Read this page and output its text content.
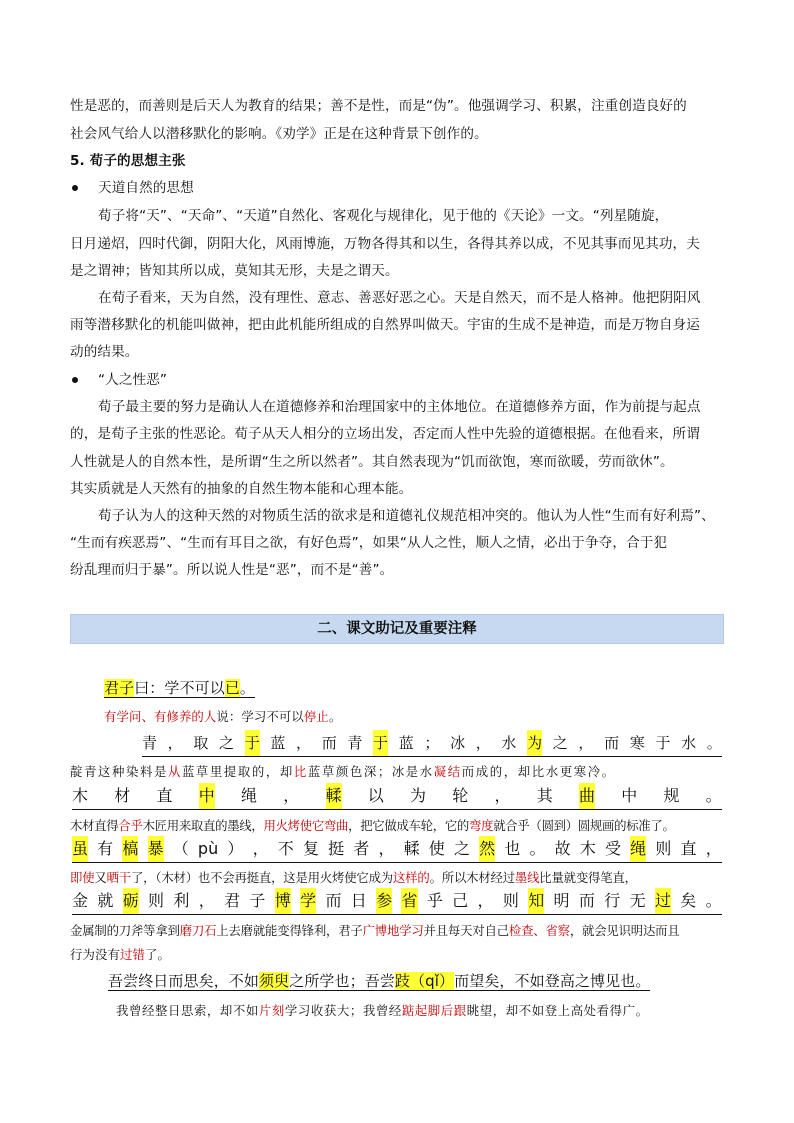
性是恶的，而善则是后天人为教育的结果；善不是性，而是“伪”。他强调学习、积累，注重创造良好的
社会风气给人以潜移默化的影响。《劝学》正是在这种背景下创作的。
5. 荀子的思想主张
天道自然的思想
荀子将“天”、“天命”、“天道”自然化、客观化与规律化，见于他的《天论》一文。“列星随旋，
日月递炤，四时代御，阴阳大化，风雨博施，万物各得其和以生，各得其养以成，不见其事而见其功，夫
是之谓神；皆知其所以成，莫知其无形，夫是之谓天。
在荀子看来，天为自然，没有理性、意志、善恶好恶之心。天是自然天，而不是人格神。他把阴阳风
雨等潜移默化的机能叫做神，把由此机能所组成的自然界叫做天。宇宙的生成不是神造，而是万物自身运
动的结果。
“人之性恶”
荀子最主要的努力是确认人在道德修养和治理国家中的主体地位。在道德修养方面，作为前提与起点
的，是荀子主张的性恶论。荀子从天人相分的立场出发，否定而人性中先验的道德根据。在他看来，所谓
人性就是人的自然本性，是所谓“生之所以然者”。其自然表现为“饥而欲饱，寒而欲暖，劳而欲休”。
其实质就是人天然有的抽象的自然生物本能和心理本能。
荀子认为人的这种天然的对物质生活的欲求是和道德礼仪规范相冲突的。他认为人性“生而有好利焉”、
“生而有疾恶焉”、“生而有耳目之欲，有好色焉”，如果“从人之性，顺人之情，必出于争夺，合于犯
纷乱理而归于暴”。所以说人性是“恶”，而不是“善”。
二、课文助记及重要注释
君子曰：学不可以已。
有学问、有修养的人说：学习不可以停止。
青 ， 取 之 于 蓝 ， 而 青 于 蓝 ； 冰 ， 水 为 之 ， 而 寒 于 水 。
靛青这种染料是从蓝草里提取的，却比蓝草颜色深；冰是水凝结而成的，却比水更寒冷。
木 材 直 中 绳 ， 輮 以 为 轮 ， 其 曲 中 规 。
木材直得合乎木匠用来取直的墨线，用火烤使它弯曲，把它做成车轮，它的弯度就合乎（圆到）圆规画的标准了。
虽 有 槁 暴 （ pù ） ， 不 复 挺 者 ， 輮 使 之 然 也 。 故 木 受 绳 则 直 ，
即使又晒干了，（木材）也不会再挺直，这是用火烤使它成为这样的。所以木材经过墨线比量就变得笔直，
金 就 砺 则 利 ， 君 子 博 学 而 日 参 省 乎 己 ， 则 知 明 而 行 无 过 矣 。
金属制的刀斧等拿到磨刀石上去磨就能变得锋利，君子广博地学习并且每天对自己检查、省察，就会见识明达而且
行为没有过错了。
吾尝终日而思矣，不如须臾之所学也；吾尝跂（qǐ）而望矣，不如登高之博见也。
我曾经整日思索，却不如片刻学习收获大；我曾经踮起脚后跟眺望，却不如登上高处看得广。
